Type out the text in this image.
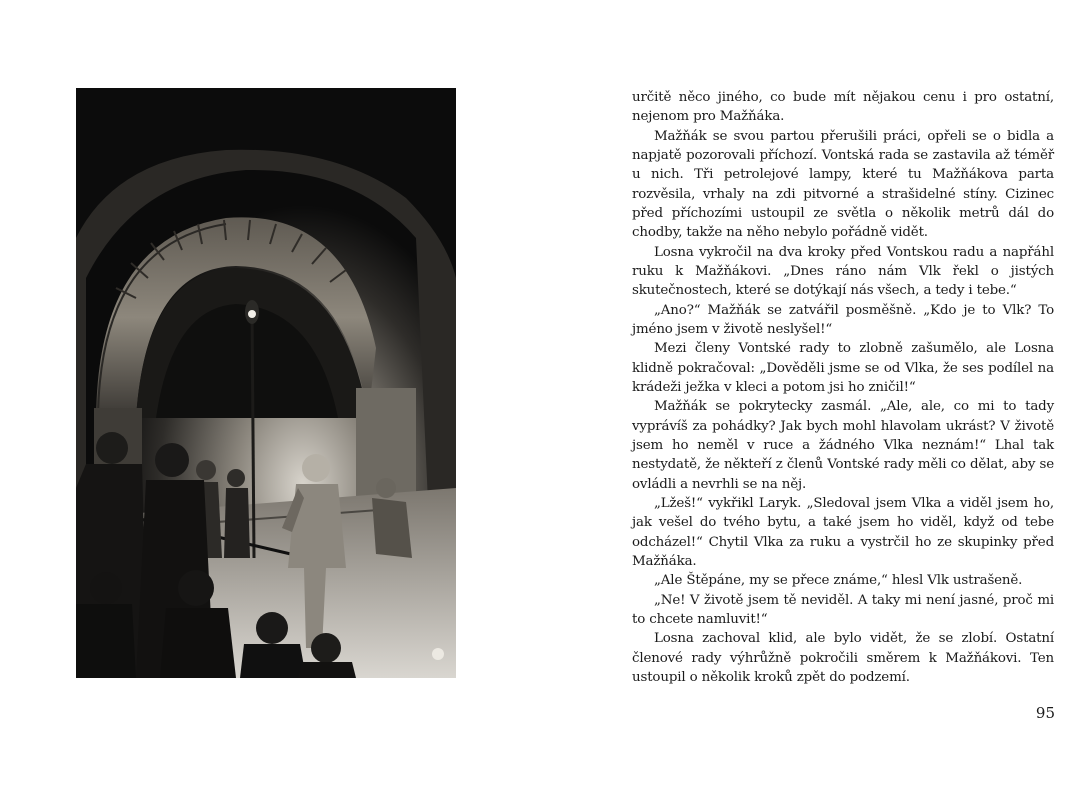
určitě něco jiného, co bude mít nějakou cenu i pro ostatní, nejenom pro Mažňáka.

Mažňák se svou partou přerušili práci, opřeli se o bidla a napjatě pozorovali příchozí. Vontská rada se zastavila až téměř u nich. Tři petrolejové lampy, které tu Mažňákova parta rozvěsila, vrhaly na zdi pitvorné a strašidelné stíny. Cizinec před příchozími ustoupil ze světla o několik metrů dál do chodby, takže na něho nebylo pořádně vidět.

Losna vykročil na dva kroky před Vontskou radu a napřáhl ruku k Mažňákovi. „Dnes ráno nám Vlk řekl o jistých skutečnostech, které se dotýkají nás všech, a tedy i tebe.“

„Ano?“ Mažňák se zatvářil posměšně. „Kdo je to Vlk? To jméno jsem v životě neslyšel!“

Mezi členy Vontské rady to zlobně zašumělo, ale Losna klidně pokračoval: „Dověděli jsme se od Vlka, že ses podílel na krádeži ježka v kleci a potom jsi ho zničil!“

Mažňák se pokrytecky zasmál. „Ale, ale, co mi to tady vyprávíš za pohádky? Jak bych mohl hlavolam ukrást? V životě jsem ho neměl v ruce a žádného Vlka neznám!“ Lhal tak nestydatě, že někteří z členů Vontské rady měli co dělat, aby se ovládli a nevrhli se na něj.

„Lžeš!“ vykřikl Laryk. „Sledoval jsem Vlka a viděl jsem ho, jak vešel do tvého bytu, a také jsem ho viděl, když od tebe odcházel!“ Chytil Vlka za ruku a vystrčil ho ze skupinky před Mažňáka.

„Ale Štěpáne, my se přece známe,“ hlesl Vlk ustrašeně.

„Ne! V životě jsem tě neviděl. A taky mi není jasné, proč mi to chcete namluvit!“

Losna zachoval klid, ale bylo vidět, že se zlobí. Ostatní členové rady výhrůžně pokročili směrem k Mažňákovi. Ten ustoupil o několik kroků zpět do podzemí.

95
